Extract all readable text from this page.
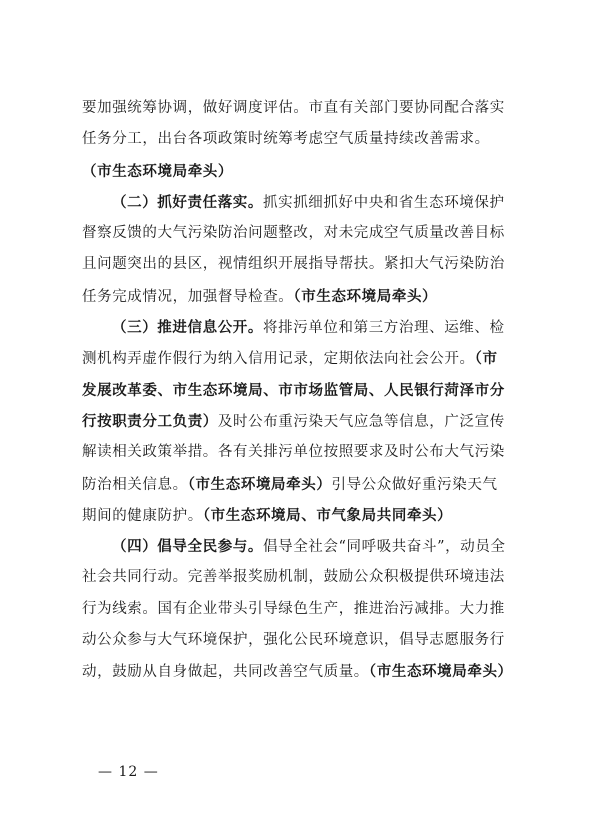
要加强统筹协调，做好调度评估。市直有关部门要协同配合落实
任务分工，出台各项政策时统筹考虑空气质量持续改善需求。
（市生态环境局牵头）
（二）抓好责任落实。抓实抓细抓好中央和省生态环境保护
督察反馈的大气污染防治问题整改，对未完成空气质量改善目标
且问题突出的县区，视情组织开展指导帮扶。紧扣大气污染防治
任务完成情况，加强督导检查。（市生态环境局牵头）
（三）推进信息公开。将排污单位和第三方治理、运维、检
测机构弄虚作假行为纳入信用记录，定期依法向社会公开。（市
发展改革委、市生态环境局、市市场监管局、人民银行菏泽市分
行按职责分工负责）及时公布重污染天气应急等信息，广泛宣传
解读相关政策举措。各有关排污单位按照要求及时公布大气污染
防治相关信息。（市生态环境局牵头）引导公众做好重污染天气
期间的健康防护。（市生态环境局、市气象局共同牵头）
（四）倡导全民参与。倡导全社会“同呼吸共奋斗”，动员全
社会共同行动。完善举报奖励机制，鼓励公众积极提供环境违法
行为线索。国有企业带头引导绿色生产，推进治污减排。大力推
动公众参与大气环境保护，强化公民环境意识，倡导志愿服务行
动，鼓励从自身做起，共同改善空气质量。（市生态环境局牵头）
— 12 —
